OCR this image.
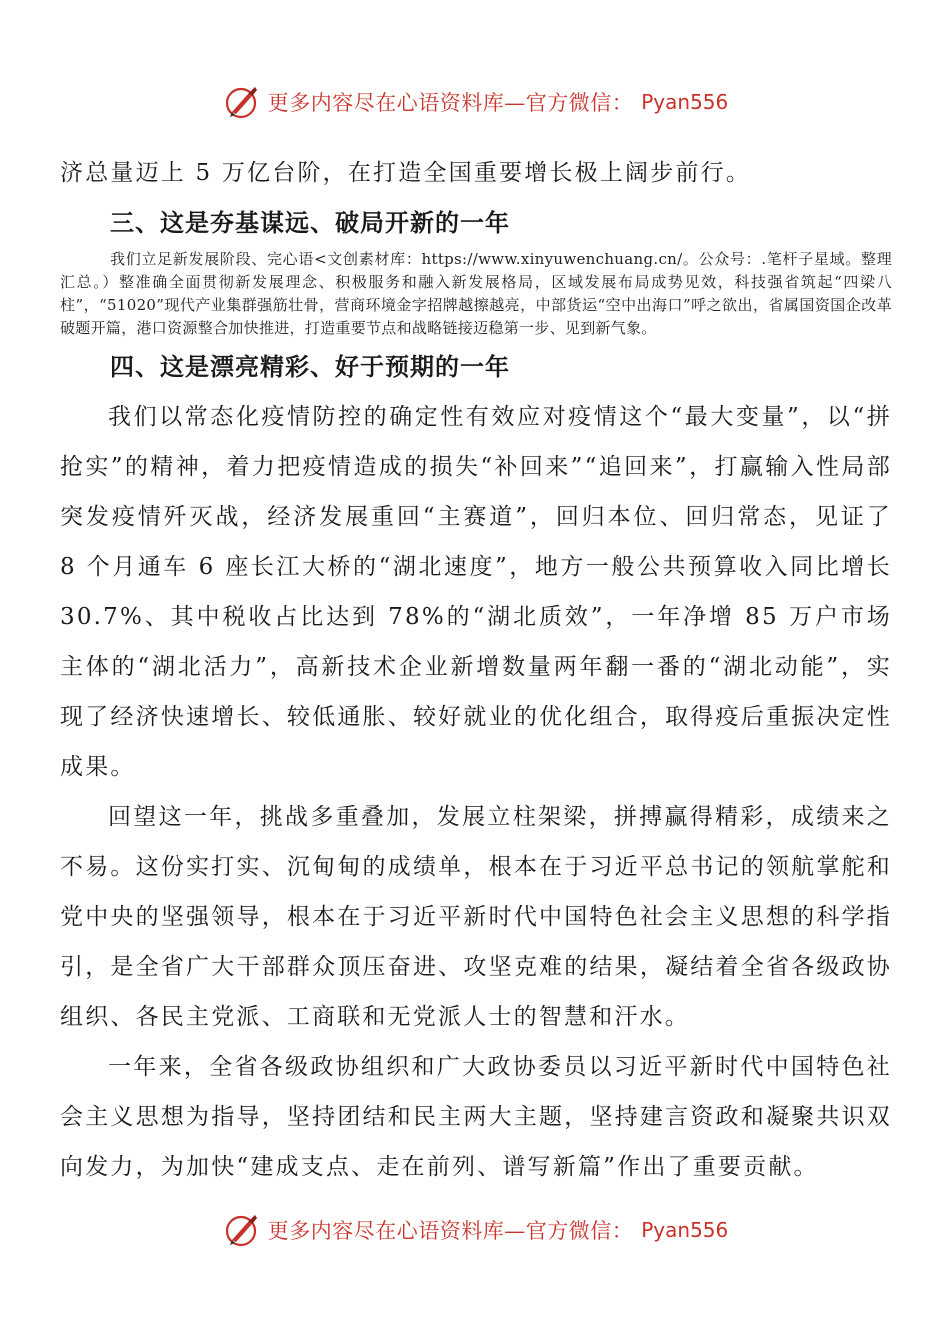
更多内容尽在心语资料库—官方微信： Pyan556

济总量迈上 5 万亿台阶，在打造全国重要增长极上阔步前行。

三、这是夯基谋远、破局开新的一年

我们立足新发展阶段、完心语<文创素材库：https://www.xinyuwenchuang.cn/。公众号：.笔杆子星域。整理汇总。）整准确全面贯彻新发展理念、积极服务和融入新发展格局，区域发展布局成势见效，科技强省筑起“四梁八柱”，“51020”现代产业集群强筋壮骨，营商环境金字招牌越擦越亮，中部货运“空中出海口”呼之欲出，省属国资国企改革破题开篇，港口资源整合加快推进，打造重要节点和战略链接迈稳第一步、见到新气象。

四、这是漂亮精彩、好于预期的一年

我们以常态化疫情防控的确定性有效应对疫情这个“最大变量”，以“拼抢实”的精神，着力把疫情造成的损失“补回来”“追回来”，打赢输入性局部突发疫情歼灭战，经济发展重回“主赛道”，回归本位、回归常态，见证了 8 个月通车 6 座长江大桥的“湖北速度”，地方一般公共预算收入同比增长 30.7%、其中税收占比达到 78%的“湖北质效”，一年净增 85 万户市场主体的“湖北活力”，高新技术企业新增数量两年翻一番的“湖北动能”，实现了经济快速增长、较低通胀、较好就业的优化组合，取得疫后重振决定性成果。

回望这一年，挑战多重叠加，发展立柱架梁，拼搏赢得精彩，成绩来之不易。这份实打实、沉甸甸的成绩单，根本在于习近平总书记的领航掌舵和党中央的坚强领导，根本在于习近平新时代中国特色社会主义思想的科学指引，是全省广大干部群众顶压奋进、攻坚克难的结果，凝结着全省各级政协组织、各民主党派、工商联和无党派人士的智慧和汗水。

一年来，全省各级政协组织和广大政协委员以习近平新时代中国特色社会主义思想为指导，坚持团结和民主两大主题，坚持建言资政和凝聚共识双向发力，为加快“建成支点、走在前列、谱写新篇”作出了重要贡献。

更多内容尽在心语资料库—官方微信： Pyan556
